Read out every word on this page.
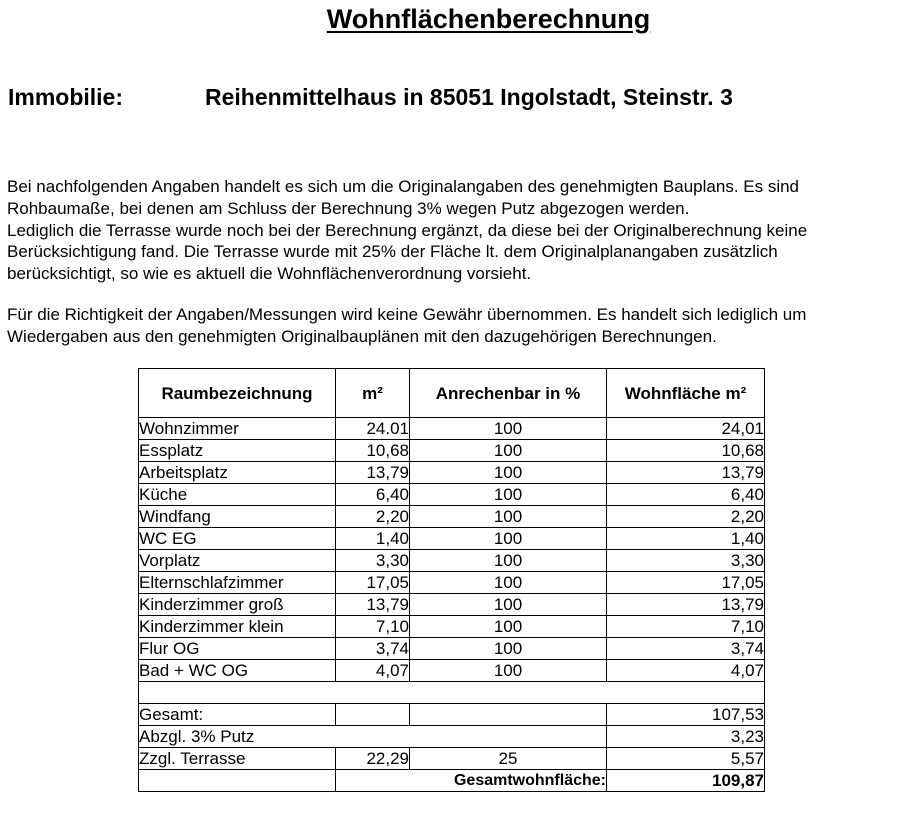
Wohnflächenberechnung
Immobilie:	Reihenmittelhaus in 85051 Ingolstadt, Steinstr. 3
Bei nachfolgenden Angaben handelt es sich um die Originalangaben des genehmigten Bauplans. Es sind
Rohbaumaße, bei denen am Schluss der Berechnung 3% wegen Putz abgezogen werden.
Lediglich die Terrasse wurde noch bei der Berechnung ergänzt, da diese bei der Originalberechnung keine
Berücksichtigung fand. Die Terrasse wurde mit 25% der Fläche lt. dem Originalplanangaben zusätzlich
berücksichtigt, so wie es aktuell die Wohnflächenverordnung vorsieht.
Für die Richtigkeit der Angaben/Messungen wird keine Gewähr übernommen. Es handelt sich lediglich um
Wiedergaben aus den genehmigten Originalbauplänen mit den dazugehörigen Berechnungen.
Raumbezeichnung	m²	Anrechenbar in %	Wohnfläche m²
Wohnzimmer	24.01	100	24,01
Essplatz	10,68	100	10,68
Arbeitsplatz	13,79	100	13,79
Küche	6,40	100	6,40
Windfang	2,20	100	2,20
WC EG	1,40	100	1,40
Vorplatz	3,30	100	3,30
Elternschlafzimmer	17,05	100	17,05
Kinderzimmer groß	13,79	100	13,79
Kinderzimmer klein	7,10	100	7,10
Flur OG	3,74	100	3,74
Bad + WC OG	4,07	100	4,07

Gesamt:			107,53
Abzgl. 3% Putz			3,23
Zzgl. Terrasse	22,29	25	5,57
	Gesamtwohnfläche:		109,87
